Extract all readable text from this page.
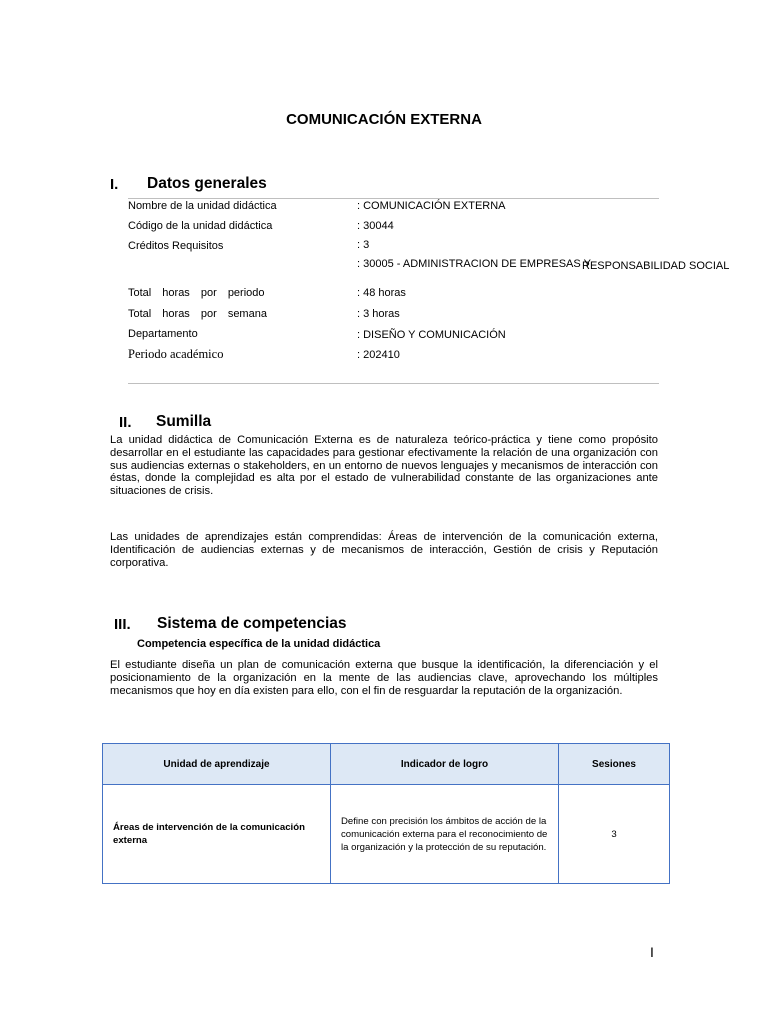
COMUNICACIÓN EXTERNA
I. Datos generales
Nombre de la unidad didáctica	: COMUNICACIÓN EXTERNA
Código de la unidad didáctica	: 30044
Créditos Requisitos	: 3
: 30005 - ADMINISTRACION DE EMPRESAS Y
RESPONSABILIDAD SOCIAL
Total horas por periodo	: 48 horas
Total horas por semana	: 3 horas
Departamento	: DISEÑO Y COMUNICACIÓN
Periodo académico	: 202410
II. Sumilla
La unidad didáctica de Comunicación Externa es de naturaleza teórico-práctica y tiene como propósito desarrollar en el estudiante las capacidades para gestionar efectivamente la relación de una organización con sus audiencias externas o stakeholders, en un entorno de nuevos lenguajes y mecanismos de interacción con éstas, donde la complejidad es alta por el estado de vulnerabilidad constante de las organizaciones ante situaciones de crisis.
Las unidades de aprendizajes están comprendidas: Áreas de intervención de la comunicación externa, Identificación de audiencias externas y de mecanismos de interacción, Gestión de crisis y Reputación corporativa.
III. Sistema de competencias
Competencia específica de la unidad didáctica
El estudiante diseña un plan de comunicación externa que busque la identificación, la diferenciación y el posicionamiento de la organización en la mente de las audiencias clave, aprovechando los múltiples mecanismos que hoy en día existen para ello, con el fin de resguardar la reputación de la organización.
Unidad de aprendizaje	Indicador de logro	Sesiones
Áreas de intervención de la comunicación externa	Define con precisión los ámbitos de acción de la comunicación externa para el reconocimiento de la organización y la protección de su reputación.	3
I
